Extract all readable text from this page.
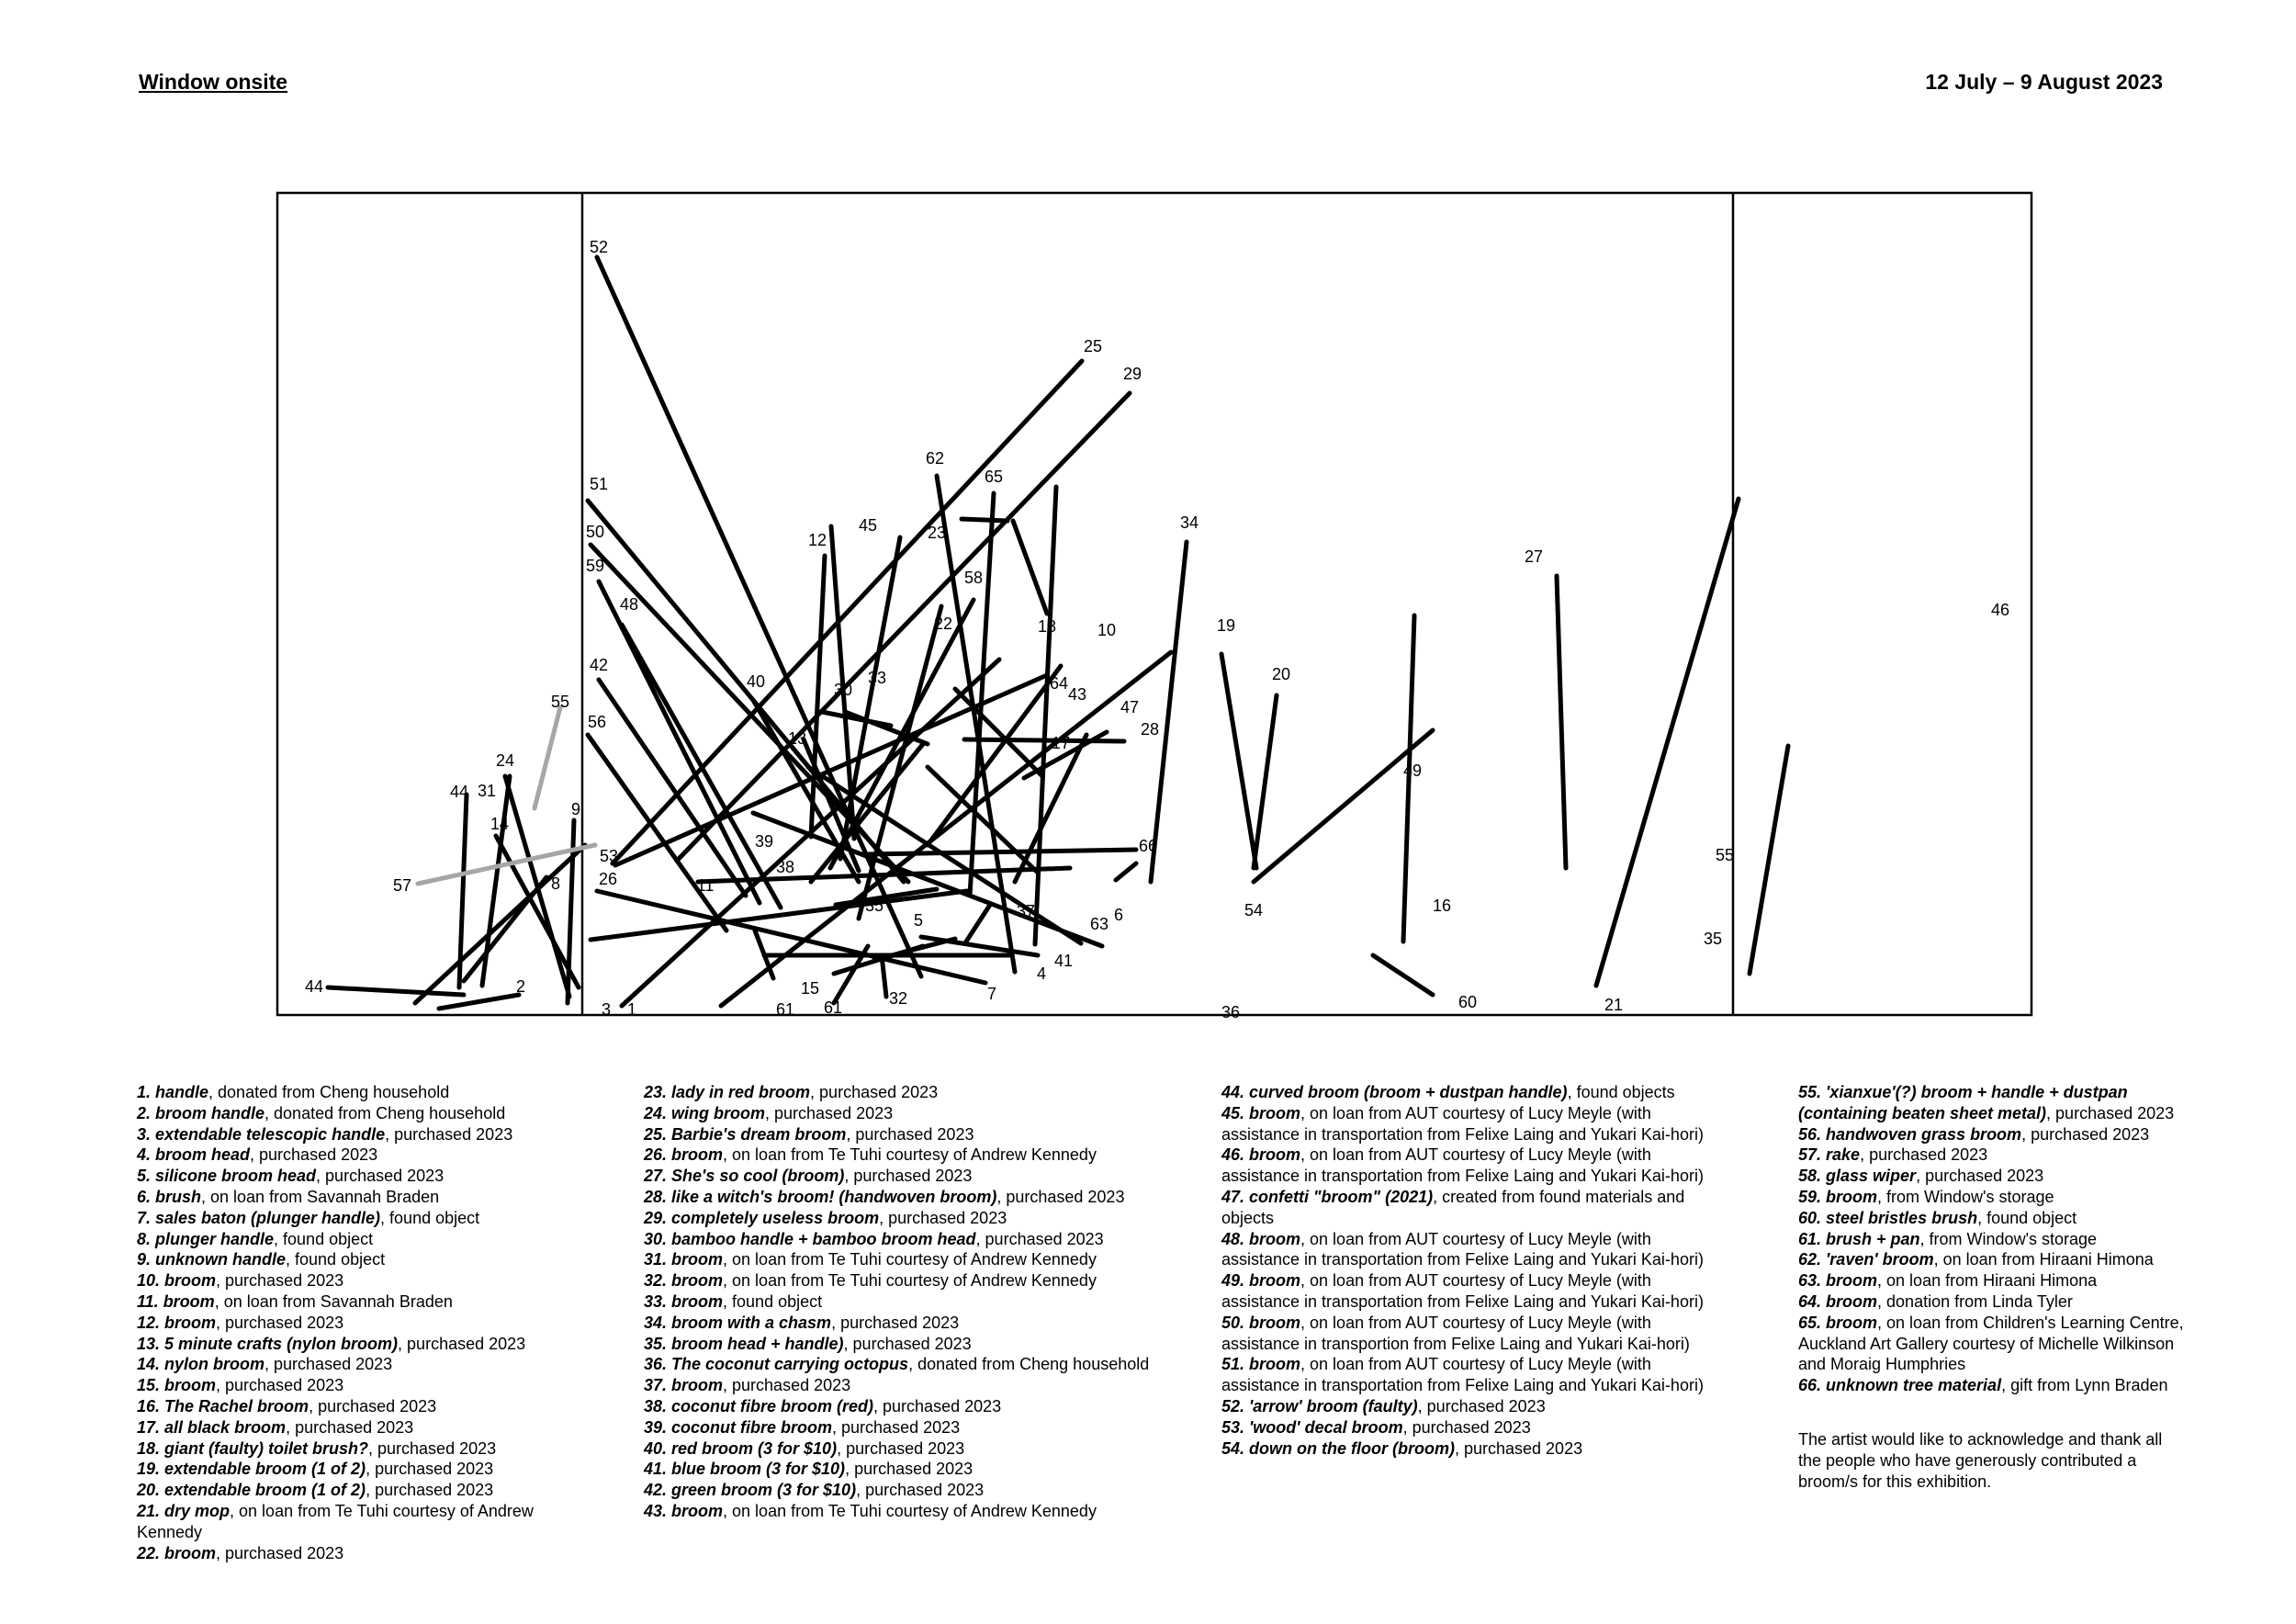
Window onsite	12 July – 9 August 2023
52
25
29
62
65
51
50	12
45	23
34
59
58
48
18 10	19
22
42	20
40	64
30
33
43
47
55
28
56
13	17
49
24
44 31
9
14
39	66
53
38
8
57	26	11
35
63
16
54
6
5	37
44	2
41
4
15	7
3 1	61 61	32
36
60	21
27
55
35
46
1. handle, donated from Cheng household
2. broom handle, donated from Cheng household
3. extendable telescopic handle, purchased 2023
4. broom head, purchased 2023
5. silicone broom head, purchased 2023
6. brush, on loan from Savannah Braden
7. sales baton (plunger handle), found object
8. plunger handle, found object
9. unknown handle, found object
10. broom, purchased 2023
11. broom, on loan from Savannah Braden
12. broom, purchased 2023
13. 5 minute crafts (nylon broom), purchased 2023
14. nylon broom, purchased 2023
15. broom, purchased 2023
16. The Rachel broom, purchased 2023
17. all black broom, purchased 2023
18. giant (faulty) toilet brush?, purchased 2023
19. extendable broom (1 of 2), purchased 2023
20. extendable broom (1 of 2), purchased 2023
21. dry mop, on loan from Te Tuhi courtesy of Andrew Kennedy
22. broom, purchased 2023
23. lady in red broom, purchased 2023
24. wing broom, purchased 2023
25. Barbie's dream broom, purchased 2023
26. broom, on loan from Te Tuhi courtesy of Andrew Kennedy
27. She's so cool (broom), purchased 2023
28. like a witch's broom! (handwoven broom), purchased 2023
29. completely useless broom, purchased 2023
30. bamboo handle + bamboo broom head, purchased 2023
31. broom, on loan from Te Tuhi courtesy of Andrew Kennedy
32. broom, on loan from Te Tuhi courtesy of Andrew Kennedy
33. broom, found object
34. broom with a chasm, purchased 2023
35. broom head + handle), purchased 2023
36. The coconut carrying octopus, donated from Cheng household
37. broom, purchased 2023
38. coconut fibre broom (red), purchased 2023
39. coconut fibre broom, purchased 2023
40. red broom (3 for $10), purchased 2023
41. blue broom (3 for $10), purchased 2023
42. green broom (3 for $10), purchased 2023
43. broom, on loan from Te Tuhi courtesy of Andrew Kennedy
44. curved broom (broom + dustpan handle), found objects
45. broom, on loan from AUT courtesy of Lucy Meyle (with assistance in transportation from Felixe Laing and Yukari Kai-hori)
46. broom, on loan from AUT courtesy of Lucy Meyle (with assistance in transportation from Felixe Laing and Yukari Kai-hori)
47. confetti "broom" (2021), created from found materials and objects
48. broom, on loan from AUT courtesy of Lucy Meyle (with assistance in transportation from Felixe Laing and Yukari Kai-hori)
49. broom, on loan from AUT courtesy of Lucy Meyle (with assistance in transportation from Felixe Laing and Yukari Kai-hori)
50. broom, on loan from AUT courtesy of Lucy Meyle (with assistance in transportion from Felixe Laing and Yukari Kai-hori)
51. broom, on loan from AUT courtesy of Lucy Meyle (with assistance in transportation from Felixe Laing and Yukari Kai-hori)
52. 'arrow' broom (faulty), purchased 2023
53. 'wood' decal broom, purchased 2023
54. down on the floor (broom), purchased 2023
55. 'xianxue'(?) broom + handle + dustpan (containing beaten sheet metal), purchased 2023
56. handwoven grass broom, purchased 2023
57. rake, purchased 2023
58. glass wiper, purchased 2023
59. broom, from Window's storage
60. steel bristles brush, found object
61. brush + pan, from Window's storage
62. 'raven' broom, on loan from Hiraani Himona
63. broom, on loan from Hiraani Himona
64. broom, donation from Linda Tyler
65. broom, on loan from Children's Learning Centre, Auckland Art Gallery courtesy of Michelle Wilkinson and Moraig Humphries
66. unknown tree material, gift from Lynn Braden
The artist would like to acknowledge and thank all the people who have generously contributed a broom/s for this exhibition.
